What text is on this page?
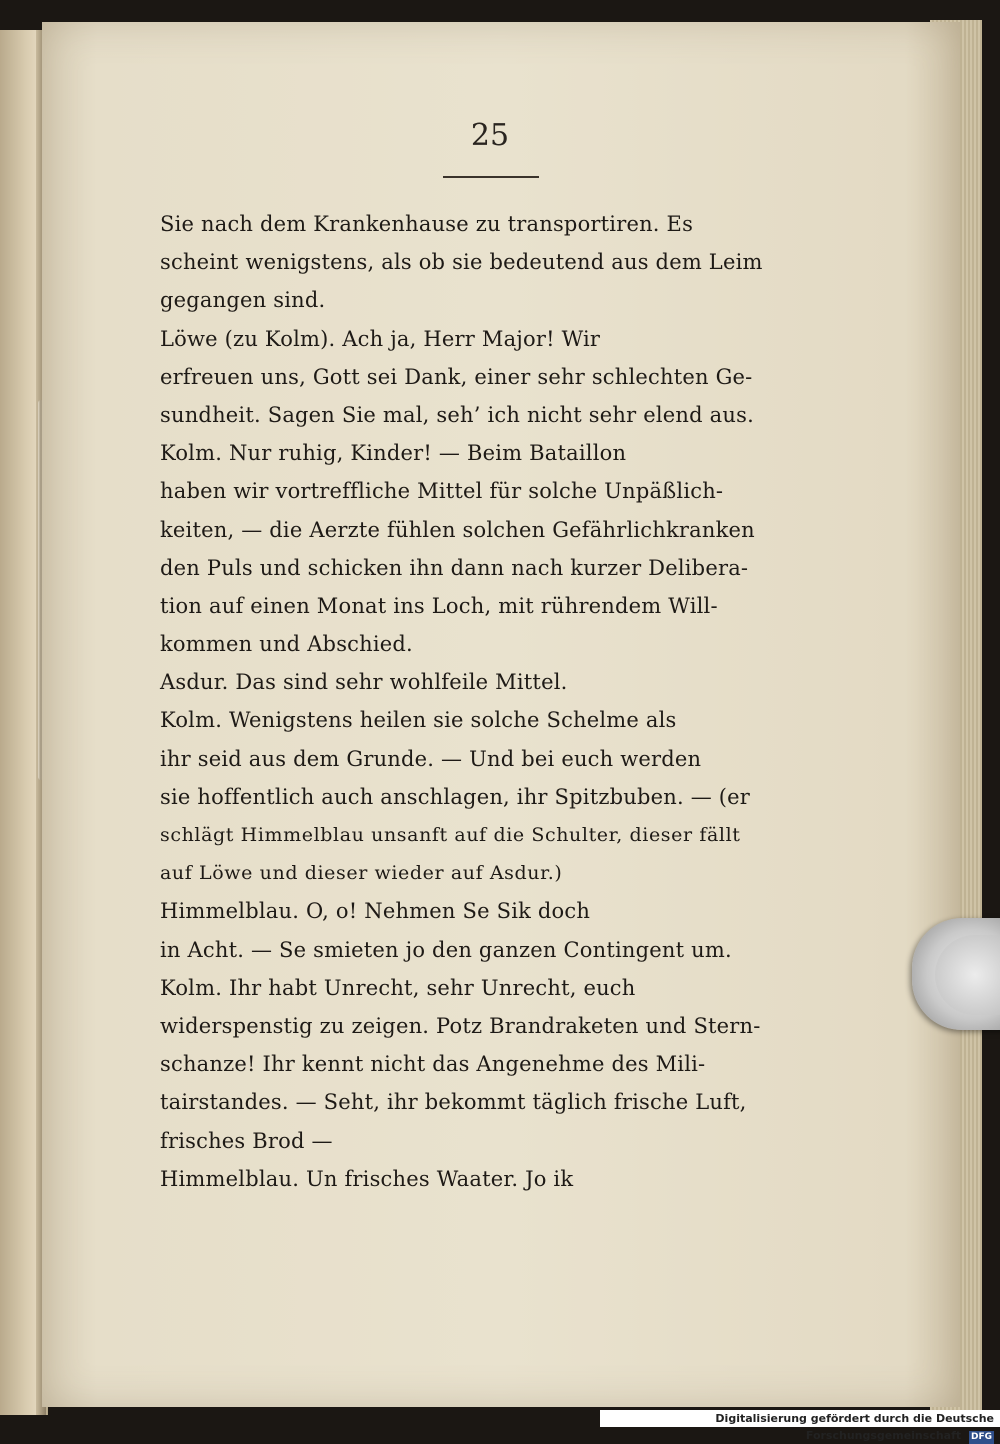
25
Sie nach dem Krankenhause zu transportiren. Es
scheint wenigstens, als ob sie bedeutend aus dem Leim
gegangen sind.
Löwe (zu Kolm). Ach ja, Herr Major! Wir
erfreuen uns, Gott sei Dank, einer sehr schlechten Ge-
sundheit. Sagen Sie mal, seh’ ich nicht sehr elend aus.
Kolm. Nur ruhig, Kinder! — Beim Bataillon
haben wir vortreffliche Mittel für solche Unpäßlich-
keiten, — die Aerzte fühlen solchen Gefährlichkranken
den Puls und schicken ihn dann nach kurzer Delibera-
tion auf einen Monat ins Loch, mit rührendem Will-
kommen und Abschied.
Asdur. Das sind sehr wohlfeile Mittel.
Kolm. Wenigstens heilen sie solche Schelme als
ihr seid aus dem Grunde. — Und bei euch werden
sie hoffentlich auch anschlagen, ihr Spitzbuben. — (er
schlägt Himmelblau unsanft auf die Schulter, dieser fällt
auf Löwe und dieser wieder auf Asdur.)
Himmelblau. O, o! Nehmen Se Sik doch
in Acht. — Se smieten jo den ganzen Contingent um.
Kolm. Ihr habt Unrecht, sehr Unrecht, euch
widerspenstig zu zeigen. Potz Brandraketen und Stern-
schanze! Ihr kennt nicht das Angenehme des Mili-
tairstandes. — Seht, ihr bekommt täglich frische Luft,
frisches Brod —
Himmelblau. Un frisches Waater. Jo ik
Digitalisierung gefördert durch die Deutsche Forschungsgemeinschaft DFG
